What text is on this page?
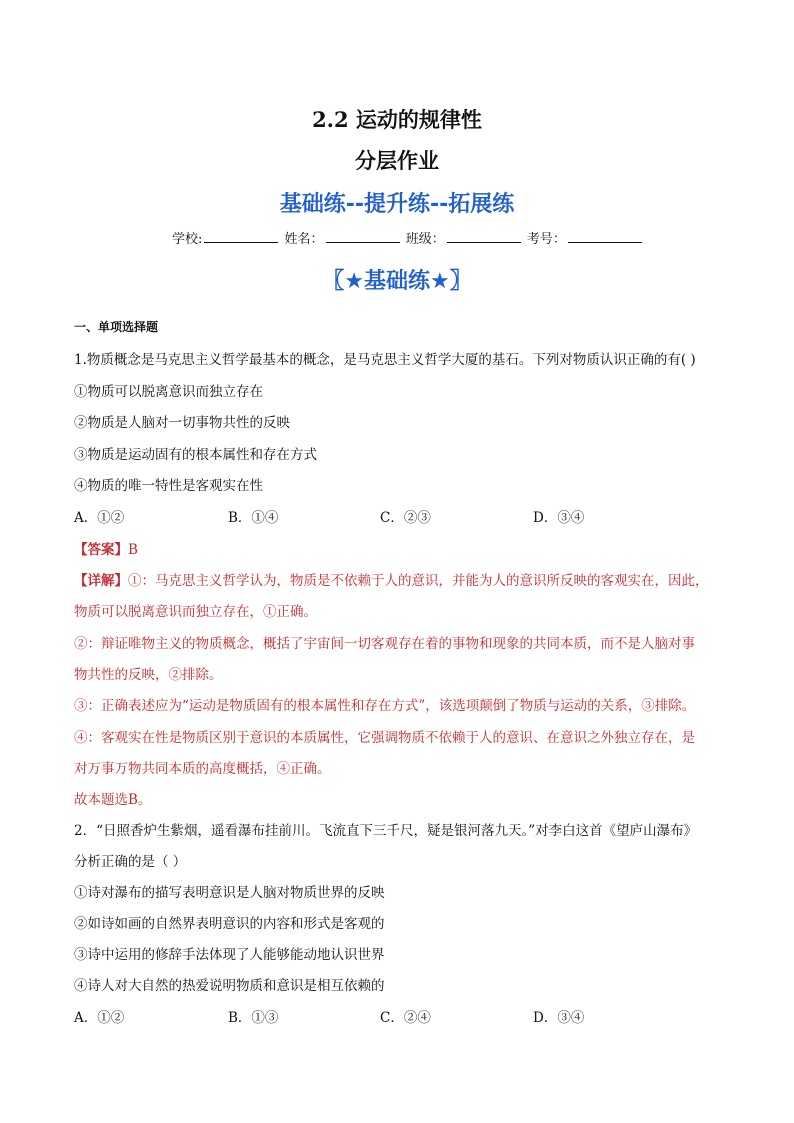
2.2 运动的规律性
分层作业
基础练--提升练--拓展练
学校:	姓名：	班级：	考号：
〖★基础练★〗
一、单项选择题
1.物质概念是马克思主义哲学最基本的概念，是马克思主义哲学大厦的基石。下列对物质认识正确的有( )
①物质可以脱离意识而独立存在
②物质是人脑对一切事物共性的反映
③物质是运动固有的根本属性和存在方式
④物质的唯一特性是客观实在性
A．①②	B．①④	C．②③	D．③④
【答案】B
【详解】①：马克思主义哲学认为，物质是不依赖于人的意识，并能为人的意识所反映的客观实在，因此，
物质可以脱离意识而独立存在，①正确。
②：辩证唯物主义的物质概念，概括了宇宙间一切客观存在着的事物和现象的共同本质，而不是人脑对事
物共性的反映，②排除。
③：正确表述应为“运动是物质固有的根本属性和存在方式”，该选项颠倒了物质与运动的关系，③排除。
④：客观实在性是物质区别于意识的本质属性，它强调物质不依赖于人的意识、在意识之外独立存在，是
对万事万物共同本质的高度概括，④正确。
故本题选B。
2．“日照香炉生紫烟，遥看瀑布挂前川。飞流直下三千尺，疑是银河落九天。”对李白这首《望庐山瀑布》
分析正确的是（ ）
①诗对瀑布的描写表明意识是人脑对物质世界的反映
②如诗如画的自然界表明意识的内容和形式是客观的
③诗中运用的修辞手法体现了人能够能动地认识世界
④诗人对大自然的热爱说明物质和意识是相互依赖的
A．①②	B．①③	C．②④	D．③④
